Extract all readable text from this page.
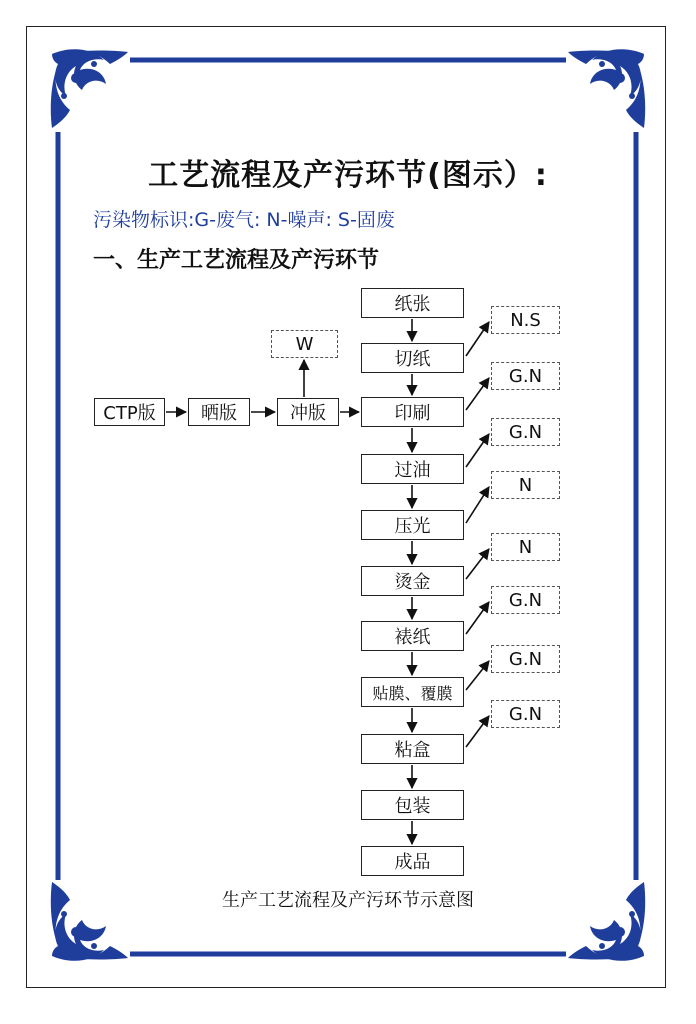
工艺流程及产污环节(图示）:
污染物标识:G-废气: N-噪声: S-固废
一、生产工艺流程及产污环节
CTP版	晒版	冲版
W
纸张
切纸
印刷
过油
压光
烫金
裱纸
贴膜、覆膜
粘盒
包装
成品
N.S
G.N
G.N
N
N
G.N
G.N
G.N
生产工艺流程及产污环节示意图
